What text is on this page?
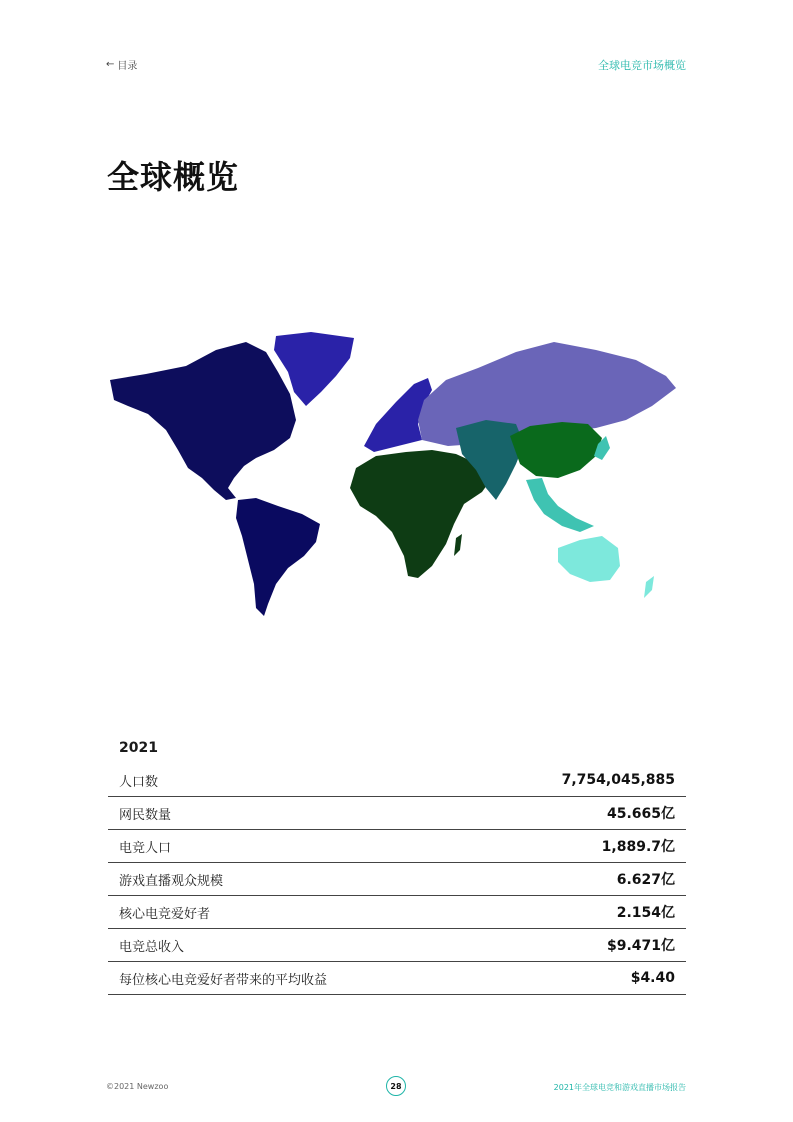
← 目录	全球电竞市场概览
全球概览
2021
人口数	7,754,045,885
网民数量	45.665亿
电竞人口	1,889.7亿
游戏直播观众规模	6.627亿
核心电竞爱好者	2.154亿
电竞总收入	$9.471亿
每位核心电竞爱好者带来的平均收益	$4.40
©2021 Newzoo	28	2021年全球电竞和游戏直播市场报告
